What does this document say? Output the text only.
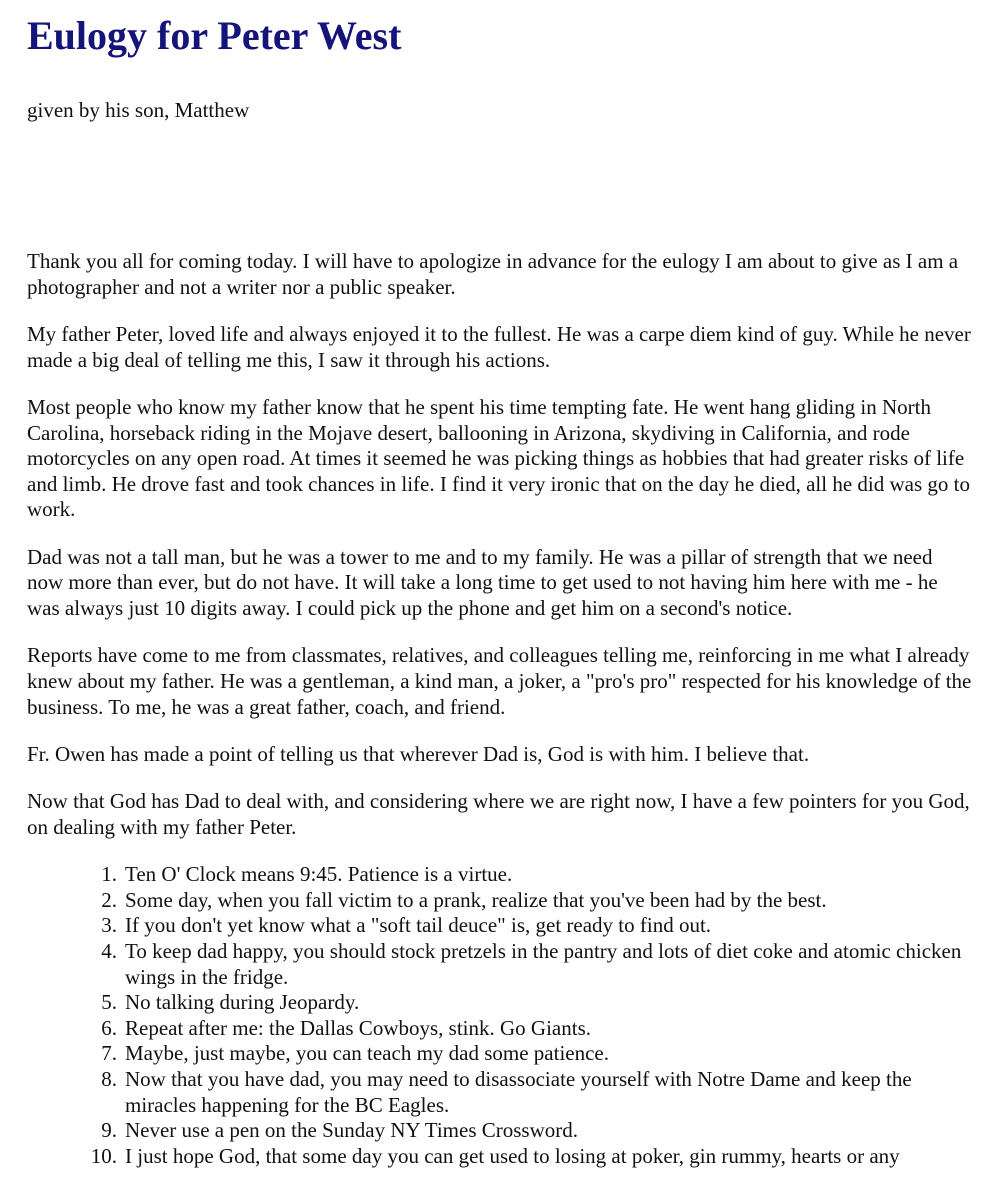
Eulogy for Peter West

given by his son, Matthew

Thank you all for coming today. I will have to apologize in advance for the eulogy I am about to give as I am a photographer and not a writer nor a public speaker.

My father Peter, loved life and always enjoyed it to the fullest. He was a carpe diem kind of guy. While he never made a big deal of telling me this, I saw it through his actions.

Most people who know my father know that he spent his time tempting fate. He went hang gliding in North Carolina, horseback riding in the Mojave desert, ballooning in Arizona, skydiving in California, and rode motorcycles on any open road. At times it seemed he was picking things as hobbies that had greater risks of life and limb. He drove fast and took chances in life. I find it very ironic that on the day he died, all he did was go to work.

Dad was not a tall man, but he was a tower to me and to my family. He was a pillar of strength that we need now more than ever, but do not have. It will take a long time to get used to not having him here with me - he was always just 10 digits away. I could pick up the phone and get him on a second's notice.

Reports have come to me from classmates, relatives, and colleagues telling me, reinforcing in me what I already knew about my father. He was a gentleman, a kind man, a joker, a "pro's pro" respected for his knowledge of the business. To me, he was a great father, coach, and friend.

Fr. Owen has made a point of telling us that wherever Dad is, God is with him. I believe that.

Now that God has Dad to deal with, and considering where we are right now, I have a few pointers for you God, on dealing with my father Peter.

1. Ten O' Clock means 9:45. Patience is a virtue.
2. Some day, when you fall victim to a prank, realize that you've been had by the best.
3. If you don't yet know what a "soft tail deuce" is, get ready to find out.
4. To keep dad happy, you should stock pretzels in the pantry and lots of diet coke and atomic chicken wings in the fridge.
5. No talking during Jeopardy.
6. Repeat after me: the Dallas Cowboys, stink. Go Giants.
7. Maybe, just maybe, you can teach my dad some patience.
8. Now that you have dad, you may need to disassociate yourself with Notre Dame and keep the miracles happening for the BC Eagles.
9. Never use a pen on the Sunday NY Times Crossword.
10. I just hope God, that some day you can get used to losing at poker, gin rummy, hearts or any
